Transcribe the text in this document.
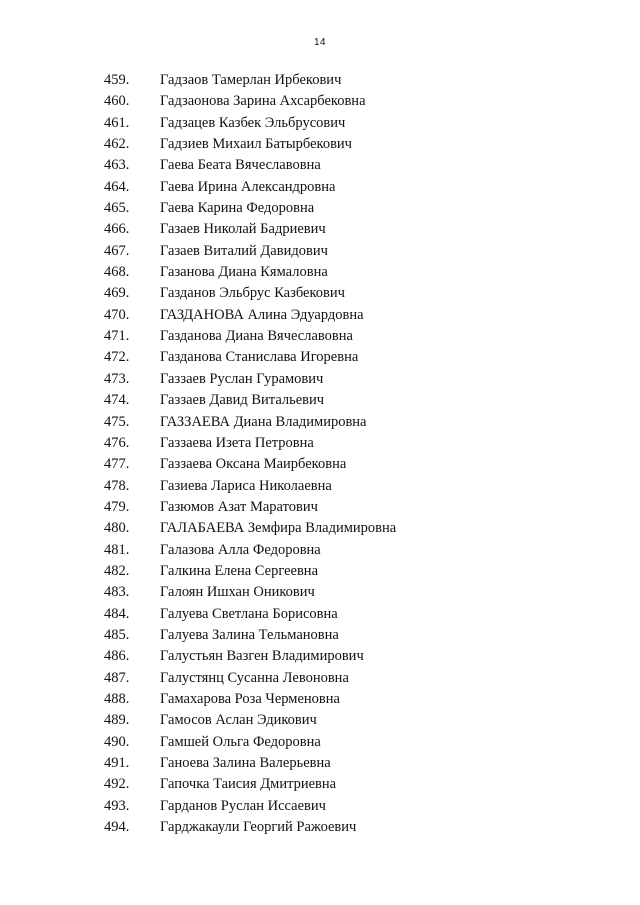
14
459. Гадзаов Тамерлан Ирбекович
460. Гадзаонова Зарина Ахсарбековна
461. Гадзацев Казбек Эльбрусович
462. Гадзиев Михаил Батырбекович
463. Гаева Беата Вячеславовна
464. Гаева Ирина Александровна
465. Гаева Карина Федоровна
466. Газаев Николай Бадриевич
467. Газаев Виталий Давидович
468. Газанова Диана Кямаловна
469. Газданов Эльбрус Казбекович
470. ГАЗДАНОВА Алина Эдуардовна
471. Газданова Диана Вячеславовна
472. Газданова Станислава Игоревна
473. Газзаев Руслан Гурамович
474. Газзаев Давид Витальевич
475. ГАЗЗАЕВА Диана Владимировна
476. Газзаева Изета Петровна
477. Газзаева Оксана Маирбековна
478. Газиева Лариса Николаевна
479. Газюмов Азат Маратович
480. ГАЛАБАЕВА Земфира Владимировна
481. Галазова Алла Федоровна
482. Галкина Елена Сергеевна
483. Галоян Ишхан Оникович
484. Галуева Светлана Борисовна
485. Галуева Залина Тельмановна
486. Галустьян Вазген Владимирович
487. Галустянц Сусанна Левоновна
488. Гамахарова Роза Черменовна
489. Гамосов Аслан Эдикович
490. Гамшей Ольга Федоровна
491. Ганоева Залина Валерьевна
492. Гапочка Таисия Дмитриевна
493. Гарданов Руслан Иссаевич
494. Гарджакаули Георгий Ражоевич
